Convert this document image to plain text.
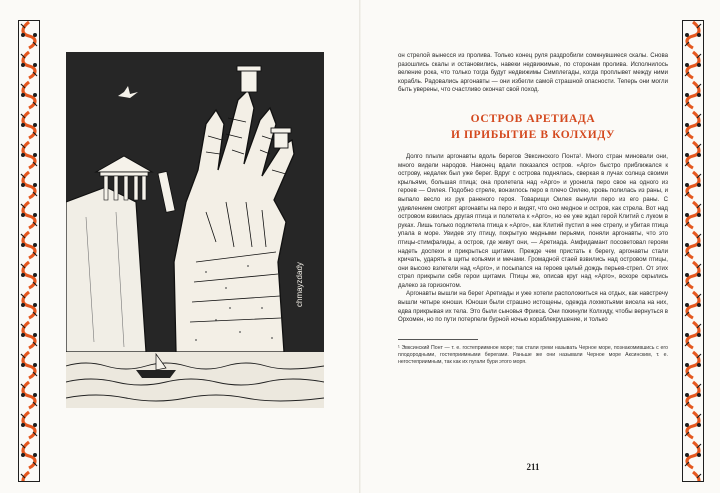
chmayzdady

он стрелой вынесся из пролива. Только конец руля раздробили сомкнувшиеся скалы. Снова разошлись скалы и остановились, навеки недвижимые, по сторонам пролива. Исполнилось веление рока, что только тогда будут недвижимы Симплегады, когда проплывет между ними корабль. Радовались аргонавты — они избегли самой страшной опасности. Теперь они могли быть уверены, что счастливо окончат свой поход.

ОСТРОВ АРЕТИАДА
И ПРИБЫТИЕ В КОЛХИДУ

Долго плыли аргонавты вдоль берегов Эвксинского Понта¹. Много стран миновали они, много видели народов. Наконец вдали показался остров. «Арго» быстро приближался к острову, недалек был уже берег. Вдруг с острова поднялась, сверкая в лучах солнца своими крыльями, большая птица; она пролетела над «Арго» и уронила перо свое на одного из героев — Оилея. Подобно стреле, вонзилось перо в плечо Оилею, кровь полилась из раны, и выпало весло из рук раненого героя. Товарищи Оилея вынули перо из его раны. С удивлением смотрят аргонавты на перо и видят, что оно медное и остров, как стрела. Вот над островом взвилась другая птица и полетела к «Арго», но ее уже ждал герой Клитий с луком в руках. Лишь только подлетела птица к «Арго», как Клитий пустил в нее стрелу, и убитая птица упала в море. Увидев эту птицу, покрытую медными перьями, поняли аргонавты, что это птицы-стимфалиды, а остров, где живут они, — Аретиада. Амфидамант посоветовал героям надеть доспехи и прикрыться щитами. Прежде чем пристать к берегу, аргонавты стали кричать, ударять в щиты копьями и мечами. Громадной стаей взвились над островом птицы, они высоко взлетели над «Арго», и посыпался на героев целый дождь перьев-стрел. От этих стрел прикрыли себя герои щитами. Птицы же, описав круг над «Арго», вскоре скрылись далеко за горизонтом.

Аргонавты вышли на берег Аретиады и уже хотели расположиться на отдых, как навстречу вышли четыре юноши. Юноши были страшно истощены, одежда лохмотьями висела на них, едва прикрывая их тела. Это были сыновья Фрикса. Они покинули Колхиду, чтобы вернуться в Орхомен, но по пути потерпели бурной ночью кораблекрушение, и только

¹ Эвксинский Понт — т. е. гостеприимное море; так стали греки называть Черное море, познакомившись с его плодородными, гостеприимными берегами. Раньше же они называли Черное море Аксинским, т. е. негостеприимным, так как их пугали бури этого моря.

211
